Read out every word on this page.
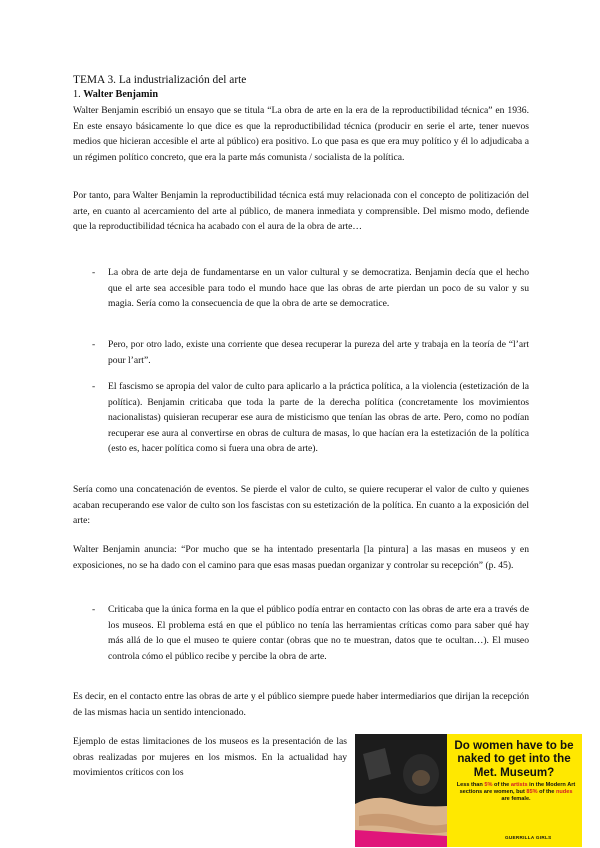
TEMA 3. La industrialización del arte
1. Walter Benjamin

Walter Benjamin escribió un ensayo que se titula “La obra de arte en la era de la reproductibilidad técnica” en 1936. En este ensayo básicamente lo que dice es que la reproductibilidad técnica (producir en serie el arte, tener nuevos medios que hicieran accesible el arte al público) era positivo. Lo que pasa es que era muy político y él lo adjudicaba a un régimen político concreto, que era la parte más comunista / socialista de la política.

Por tanto, para Walter Benjamin la reproductibilidad técnica está muy relacionada con el concepto de politización del arte, en cuanto al acercamiento del arte al público, de manera inmediata y comprensible. Del mismo modo, defiende que la reproductibilidad técnica ha acabado con el aura de la obra de arte…

- La obra de arte deja de fundamentarse en un valor cultural y se democratiza. Benjamin decía que el hecho que el arte sea accesible para todo el mundo hace que las obras de arte pierdan un poco de su valor y su magia. Sería como la consecuencia de que la obra de arte se democratice.
- Pero, por otro lado, existe una corriente que desea recuperar la pureza del arte y trabaja en la teoría de “l’art pour l’art”.
- El fascismo se apropia del valor de culto para aplicarlo a la práctica política, a la violencia (estetización de la política). Benjamin criticaba que toda la parte de la derecha política (concretamente los movimientos nacionalistas) quisieran recuperar ese aura de misticismo que tenían las obras de arte. Pero, como no podían recuperar ese aura al convertirse en obras de cultura de masas, lo que hacían era la estetización de la política (esto es, hacer política como si fuera una obra de arte).

Sería como una concatenación de eventos. Se pierde el valor de culto, se quiere recuperar el valor de culto y quienes acaban recuperando ese valor de culto son los fascistas con su estetización de la política. En cuanto a la exposición del arte:

Walter Benjamin anuncia: “Por mucho que se ha intentado presentarla [la pintura] a las masas en museos y en exposiciones, no se ha dado con el camino para que esas masas puedan organizar y controlar su recepción” (p. 45).

- Criticaba que la única forma en la que el público podía entrar en contacto con las obras de arte era a través de los museos. El problema está en que el público no tenía las herramientas críticas como para saber qué hay más allá de lo que el museo te quiere contar (obras que no te muestran, datos que te ocultan…). El museo controla cómo el público recibe y percibe la obra de arte.

Es decir, en el contacto entre las obras de arte y el público siempre puede haber intermediarios que dirijan la recepción de las mismas hacia un sentido intencionado.

Ejemplo de estas limitaciones de los museos es la presentación de las obras realizadas por mujeres en los mismos. En la actualidad hay movimientos críticos con los

Do women have to be naked to get into the Met. Museum?
Less than 5% of the artists in the Modern Art sections are women, but 85% of the nudes are female.
GUERRILLA GIRLS
